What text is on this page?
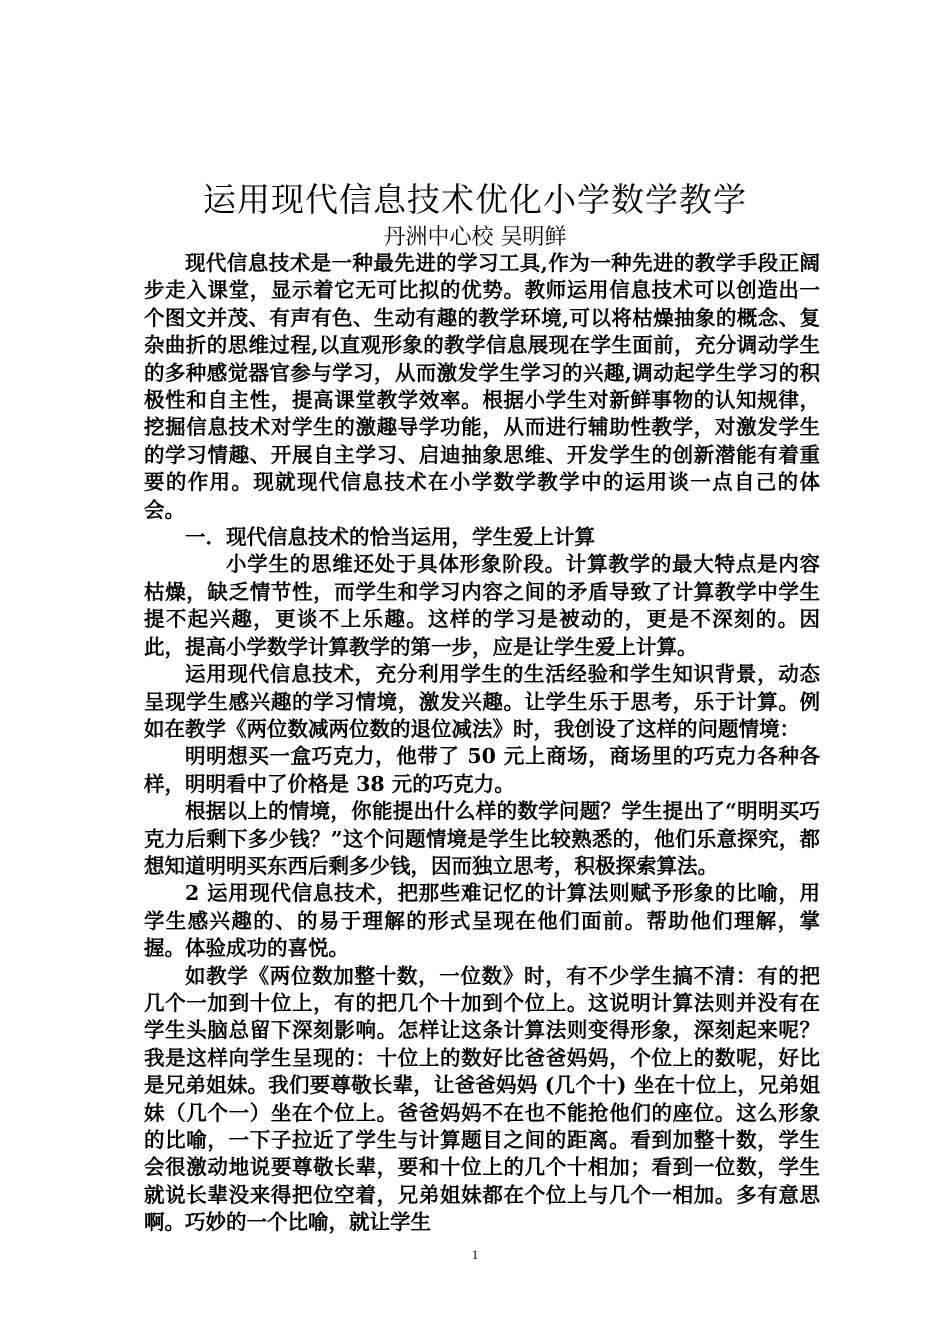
运用现代信息技术优化小学数学教学
丹洲中心校 吴明鲜

现代信息技术是一种最先进的学习工具,作为一种先进的教学手段正阔步走入课堂，显示着它无可比拟的优势。教师运用信息技术可以创造出一个图文并茂、有声有色、生动有趣的教学环境,可以将枯燥抽象的概念、复杂曲折的思维过程,以直观形象的教学信息展现在学生面前，充分调动学生的多种感觉器官参与学习，从而激发学生学习的兴趣,调动起学生学习的积极性和自主性，提高课堂教学效率。根据小学生对新鲜事物的认知规律，挖掘信息技术对学生的激趣导学功能，从而进行辅助性教学，对激发学生的学习情趣、开展自主学习、启迪抽象思维、开发学生的创新潜能有着重要的作用。现就现代信息技术在小学数学教学中的运用谈一点自己的体会。

一．现代信息技术的恰当运用，学生爱上计算

小学生的思维还处于具体形象阶段。计算教学的最大特点是内容枯燥，缺乏情节性，而学生和学习内容之间的矛盾导致了计算教学中学生提不起兴趣，更谈不上乐趣。这样的学习是被动的，更是不深刻的。因此，提高小学数学计算教学的第一步，应是让学生爱上计算。

运用现代信息技术，充分利用学生的生活经验和学生知识背景，动态呈现学生感兴趣的学习情境，激发兴趣。让学生乐于思考，乐于计算。例如在教学《两位数减两位数的退位减法》时，我创设了这样的问题情境：

明明想买一盒巧克力，他带了 50 元上商场，商场里的巧克力各种各样，明明看中了价格是 38 元的巧克力。

根据以上的情境，你能提出什么样的数学问题？学生提出了“明明买巧克力后剩下多少钱？”这个问题情境是学生比较熟悉的，他们乐意探究，都想知道明明买东西后剩多少钱，因而独立思考，积极探索算法。

2 运用现代信息技术，把那些难记忆的计算法则赋予形象的比喻，用学生感兴趣的、的易于理解的形式呈现在他们面前。帮助他们理解，掌握。体验成功的喜悦。

如教学《两位数加整十数，一位数》时，有不少学生搞不清：有的把几个一加到十位上，有的把几个十加到个位上。这说明计算法则并没有在学生头脑总留下深刻影响。怎样让这条计算法则变得形象，深刻起来呢？我是这样向学生呈现的：十位上的数好比爸爸妈妈，个位上的数呢，好比是兄弟姐妹。我们要尊敬长辈，让爸爸妈妈 (几个十) 坐在十位上，兄弟姐妹（几个一）坐在个位上。爸爸妈妈不在也不能抢他们的座位。这么形象的比喻，一下子拉近了学生与计算题目之间的距离。看到加整十数，学生会很激动地说要尊敬长辈，要和十位上的几个十相加；看到一位数，学生就说长辈没来得把位空着，兄弟姐妹都在个位上与几个一相加。多有意思啊。巧妙的一个比喻，就让学生

1
